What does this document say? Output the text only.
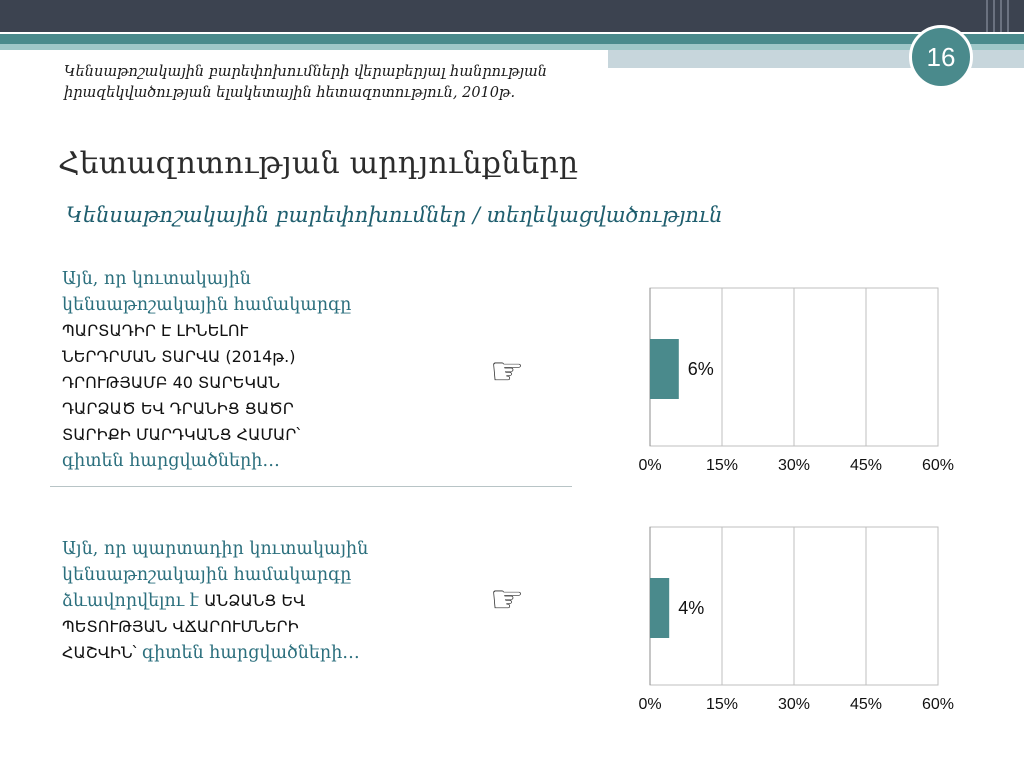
16
Կենսաթոշակային բարեփոխումների վերաբերյալ հանրության իրազեկվածության ելակետային հետազոտություն, 2010թ.
Հետազոտության արդյունքները
Կենսաթոշակային բարեփոխումներ / տեղեկացվածություն
Այն, որ կուտակային
կենսաթոշակային համակարգը
ՊԱՐՏԱԴԻՐ Է ԼԻՆԵԼՈՒ
ՆԵՐԴՐՄԱՆ ՏԱՐՎԱ (2014թ.)
ԴՐՈՒԹՅԱՄԲ 40 ՏԱՐԵԿԱՆ
ԴԱՐՁԱԾ ԵՎ ԴՐԱՆԻՑ ՑԱԾՐ
ՏԱՐԻՔԻ ՄԱՐԴԿԱՆՑ ՀԱՄԱՐ՝
գիտեն հարցվածների…
☞
0%	15% 30% 45% 60%
6%
Այն, որ պարտադիր կուտակային
կենսաթոշակային համակարգը
ձևավորվելու է ԱՆՁԱՆՑ ԵՎ
ՊԵՏՈՒԹՅԱՆ ՎՃԱՐՈՒՄՆԵՐԻ
ՀԱՇՎԻՆ՝ գիտեն հարցվածների…
☞
0%	15% 30% 45% 60%
4%
